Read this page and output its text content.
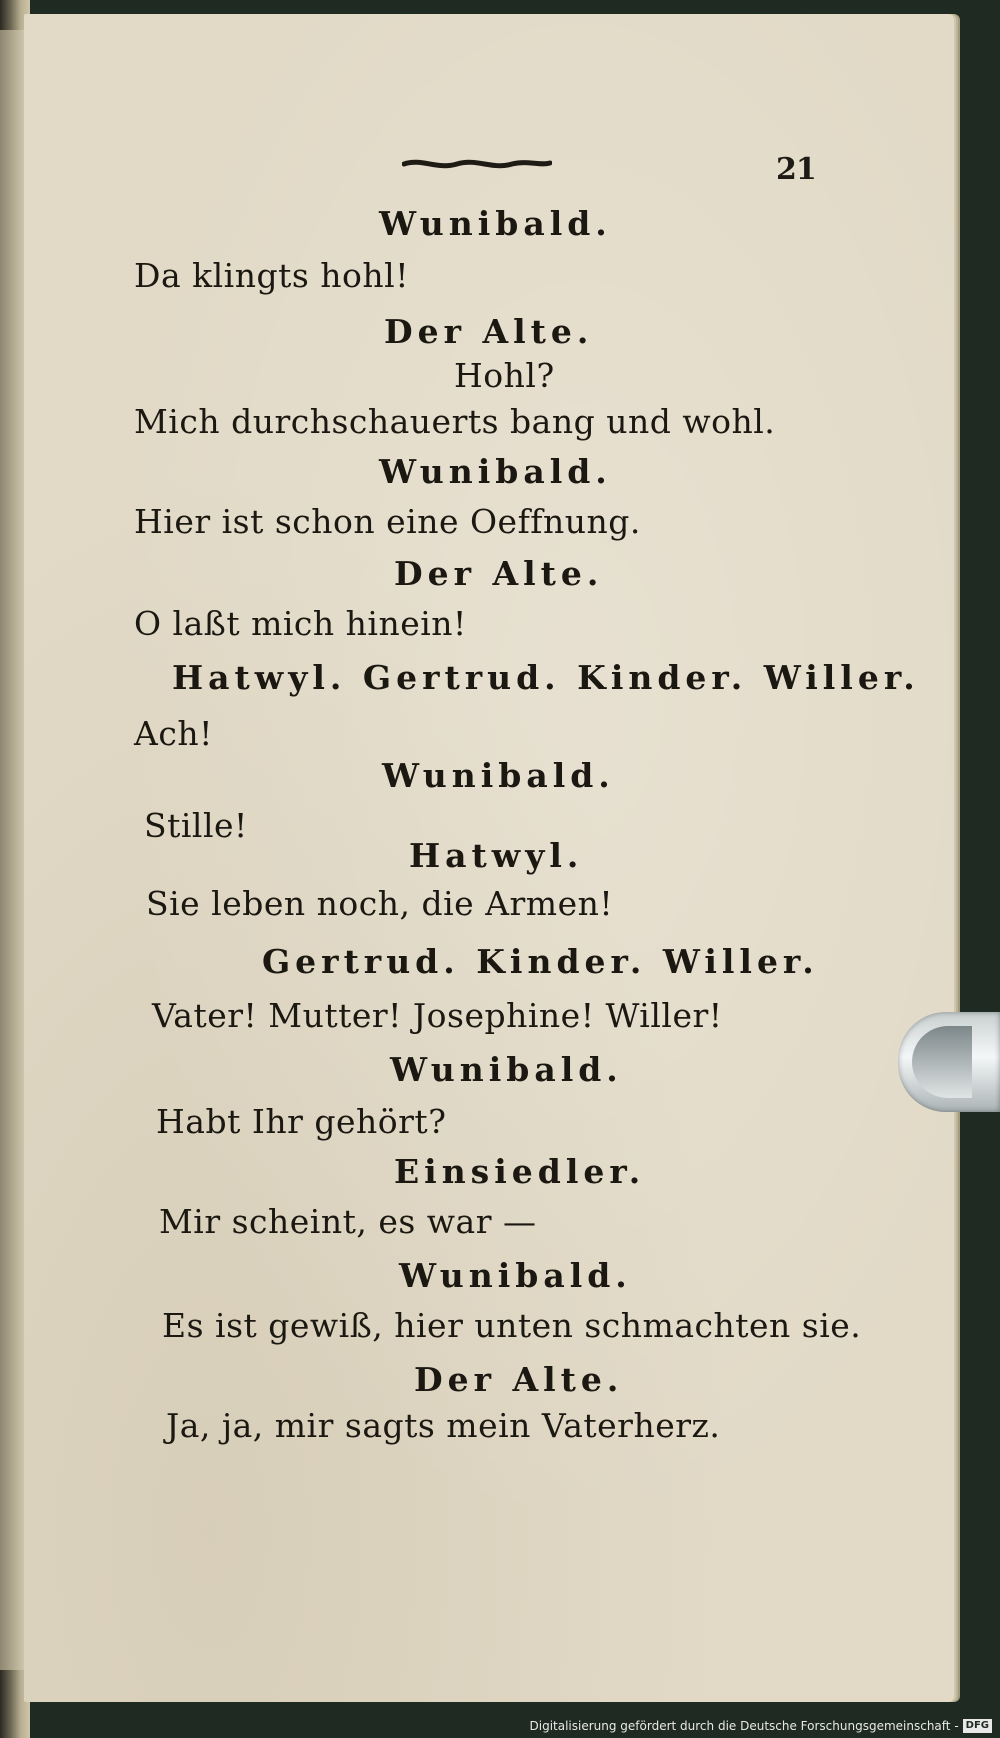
21
Wunibald.
Da klingts hohl!
Der Alte.
Hohl?
Mich durchschauerts bang und wohl.
Wunibald.
Hier ist schon eine Oeffnung.
Der Alte.
O laßt mich hinein!
Hatwyl. Gertrud. Kinder. Willer.
Ach!
Wunibald.
Stille!
Hatwyl.
Sie leben noch, die Armen!
Gertrud. Kinder. Willer.
Vater! Mutter! Josephine! Willer!
Wunibald.
Habt Ihr gehört?
Einsiedler.
Mir scheint, es war —
Wunibald.
Es ist gewiß, hier unten schmachten sie.
Der Alte.
Ja, ja, mir sagts mein Vaterherz.
Digitalisierung gefördert durch die Deutsche Forschungsgemeinschaft - DFG
